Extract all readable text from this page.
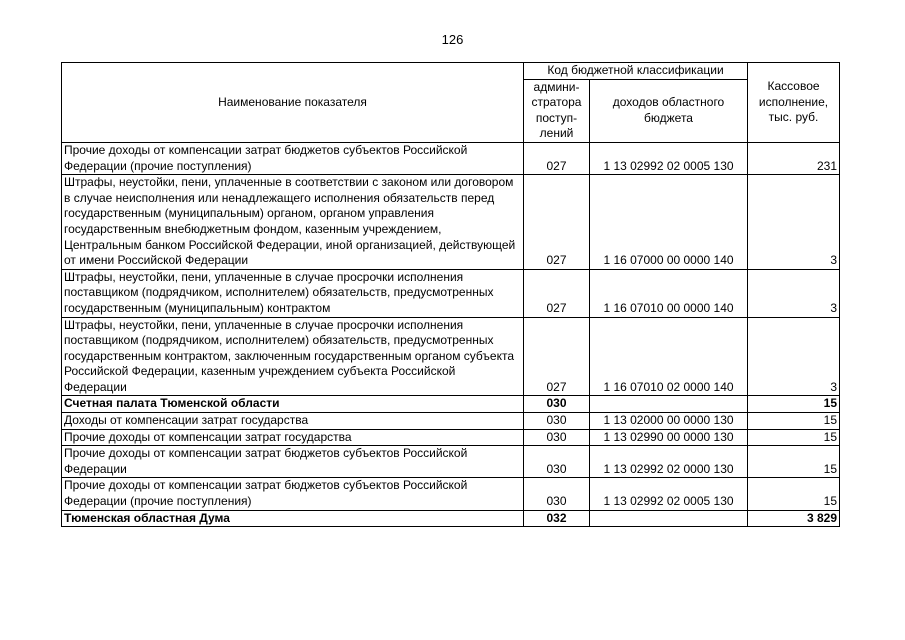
126
Наименование показателя	Код бюджетной классификации		Кассовое исполнение, тыс. руб.
	админи-стратора поступ-лений	доходов областного бюджета	
Прочие доходы от компенсации затрат бюджетов субъектов Российской Федерации (прочие поступления)	027	1 13 02992 02 0005 130	231
Штрафы, неустойки, пени, уплаченные в соответствии с законом или договором в случае неисполнения или ненадлежащего исполнения обязательств перед государственным (муниципальным) органом, органом управления государственным внебюджетным фондом, казенным учреждением, Центральным банком Российской Федерации, иной организацией, действующей от имени Российской Федерации	027	1 16 07000 00 0000 140	3
Штрафы, неустойки, пени, уплаченные в случае просрочки исполнения поставщиком (подрядчиком, исполнителем) обязательств, предусмотренных государственным (муниципальным) контрактом	027	1 16 07010 00 0000 140	3
Штрафы, неустойки, пени, уплаченные в случае просрочки исполнения поставщиком (подрядчиком, исполнителем) обязательств, предусмотренных государственным контрактом, заключенным государственным органом субъекта Российской Федерации, казенным учреждением субъекта Российской Федерации	027	1 16 07010 02 0000 140	3
Счетная палата Тюменской области	030		15
Доходы от компенсации затрат государства	030	1 13 02000 00 0000 130	15
Прочие доходы от компенсации затрат государства	030	1 13 02990 00 0000 130	15
Прочие доходы от компенсации затрат бюджетов субъектов Российской Федерации	030	1 13 02992 02 0000 130	15
Прочие доходы от компенсации затрат бюджетов субъектов Российской Федерации (прочие поступления)	030	1 13 02992 02 0005 130	15
Тюменская областная Дума	032		3 829
